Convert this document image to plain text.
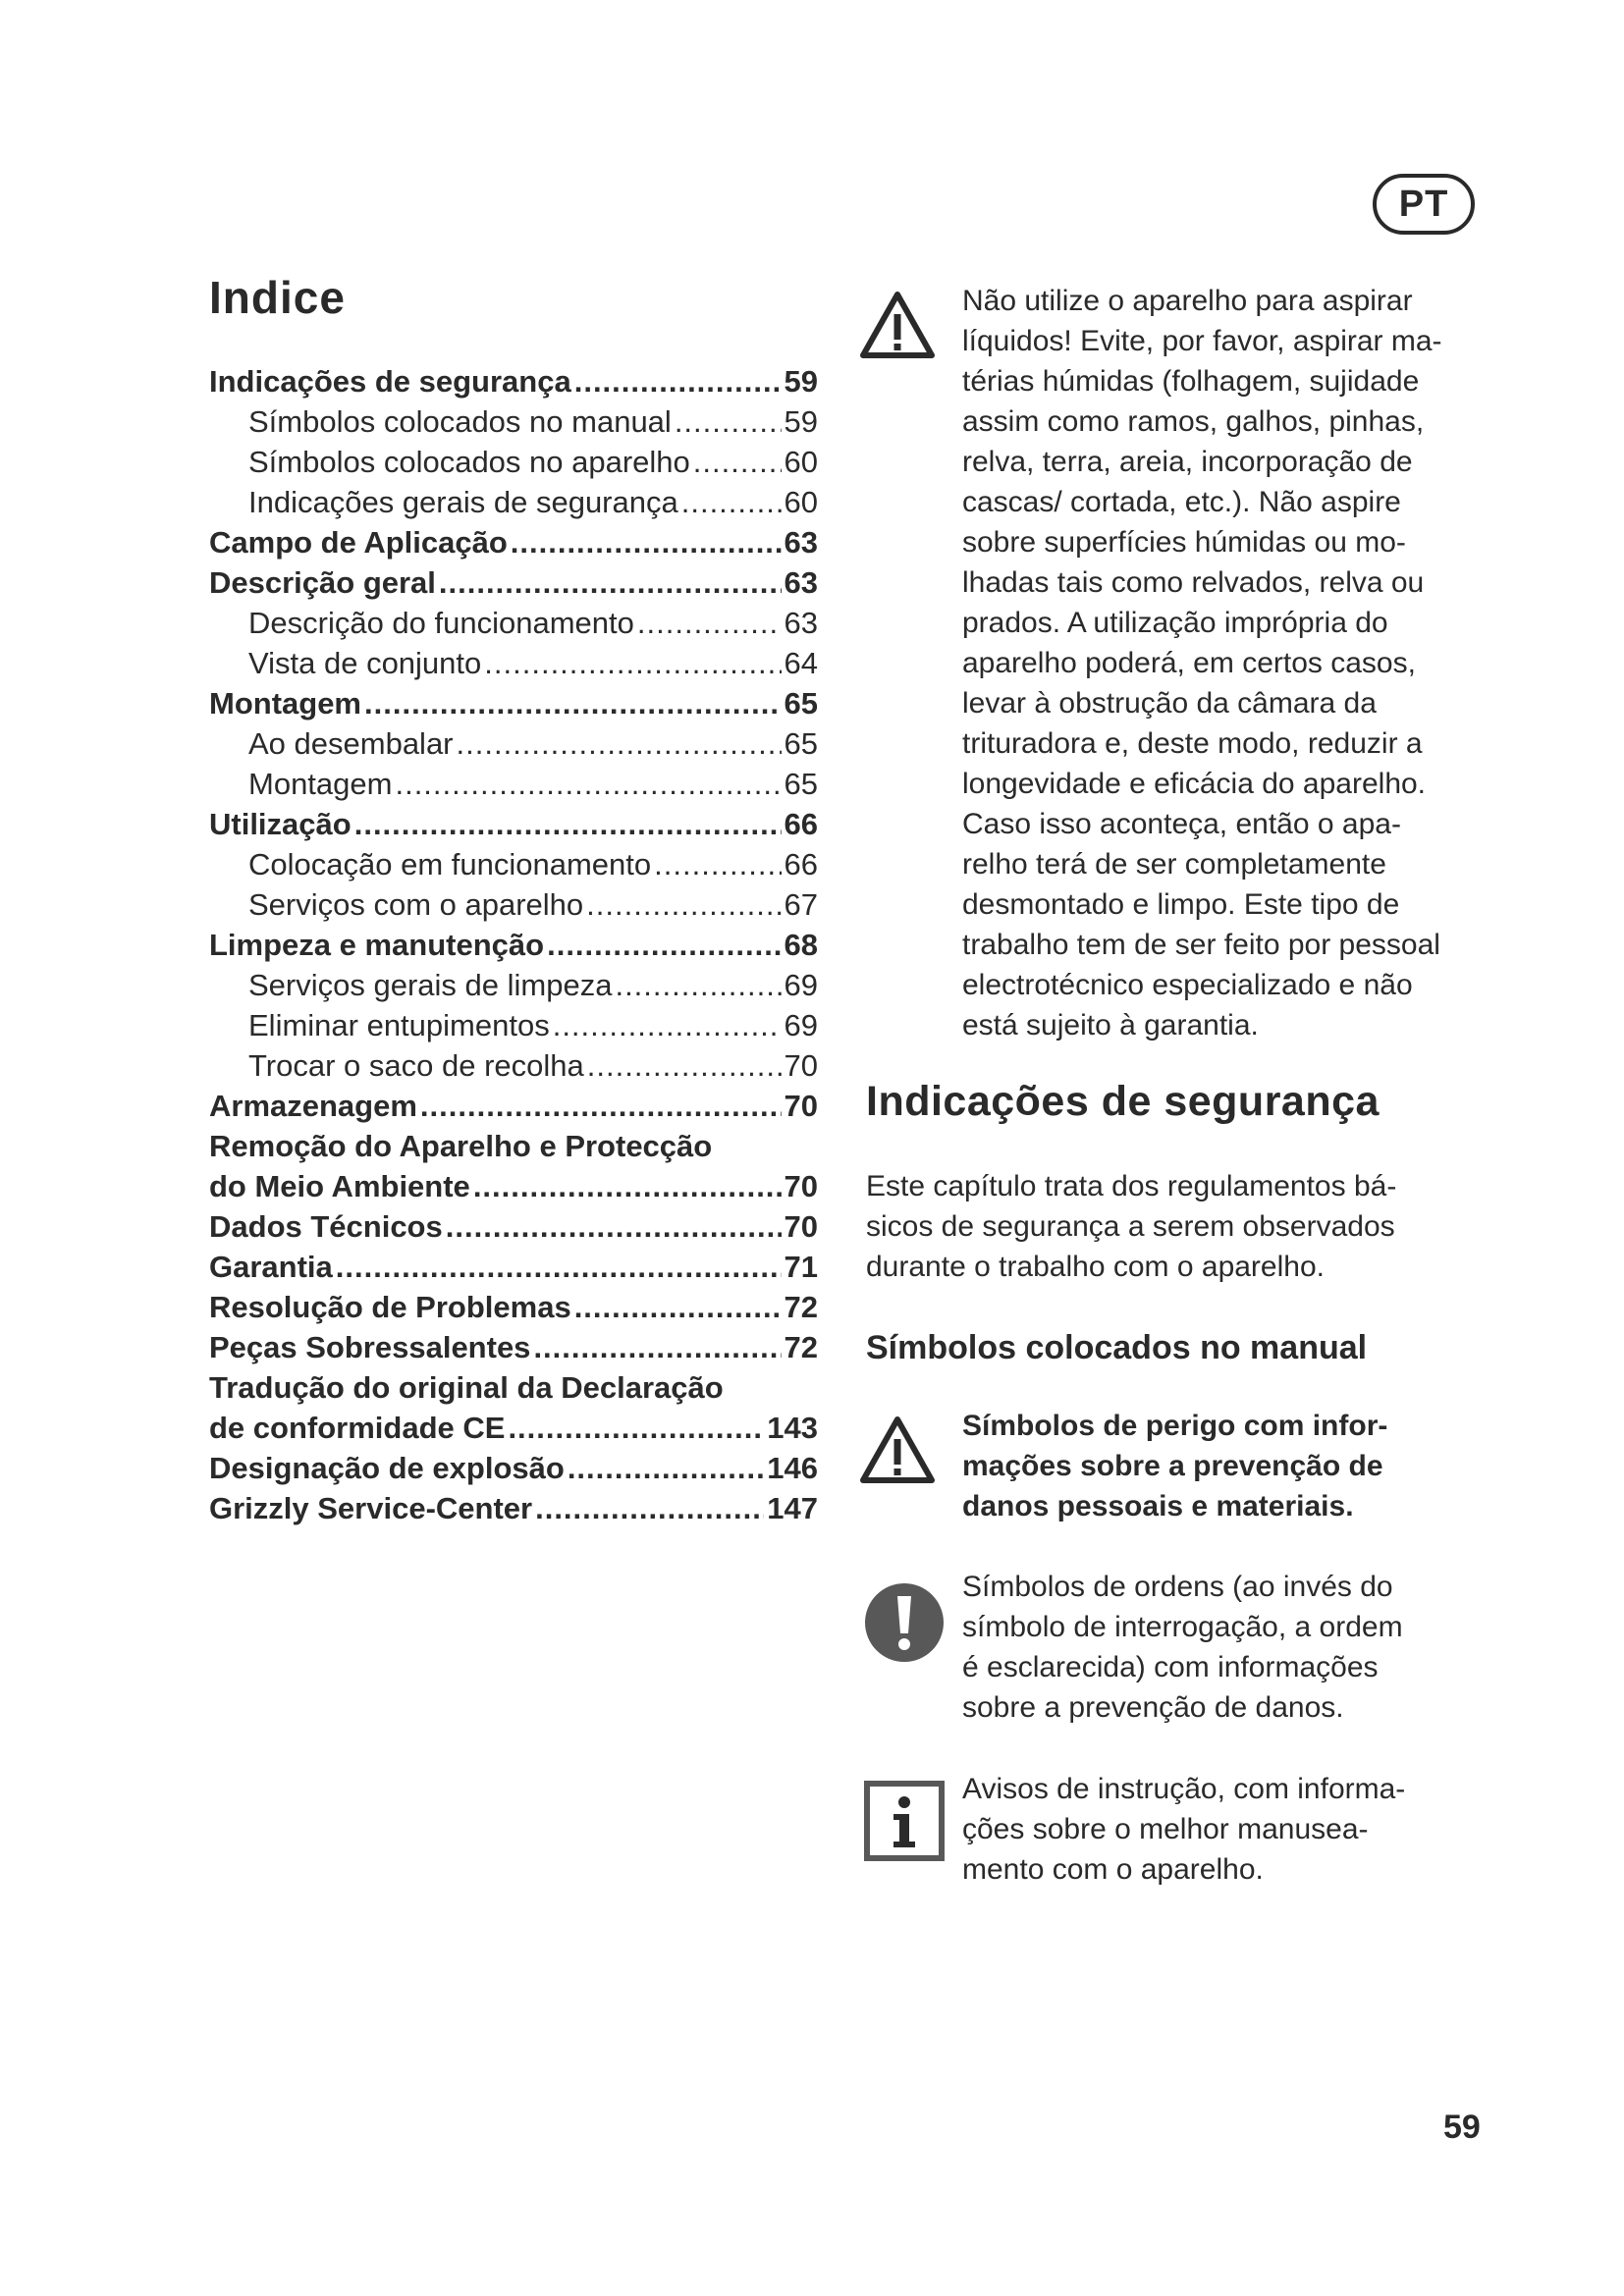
PT
Indice
Indicações de segurança .....	59
Símbolos colocados no manual .....	59
Símbolos colocados no aparelho .....	60
Indicações gerais de segurança .....	60
Campo de Aplicação .....	63
Descrição geral .....	63
Descrição do funcionamento .....	63
Vista de conjunto .....	64
Montagem .....	65
Ao desembalar .....	65
Montagem .....	65
Utilização .....	66
Colocação em funcionamento .....	66
Serviços com o aparelho .....	67
Limpeza e manutenção .....	68
Serviços gerais de limpeza .....	69
Eliminar entupimentos .....	69
Trocar o saco de recolha .....	70
Armazenagem .....	70
Remoção do Aparelho e Protecção
do Meio Ambiente .....	70
Dados Técnicos .....	70
Garantia .....	71
Resolução de Problemas .....	72
Peças Sobressalentes .....	72
Tradução do original da Declaração
de conformidade CE .....	143
Designação de explosão .....	146
Grizzly Service-Center .....	147

Não utilize o aparelho para aspirar
líquidos! Evite, por favor, aspirar ma-
térias húmidas (folhagem, sujidade
assim como ramos, galhos, pinhas,
relva, terra, areia, incorporação de
cascas/ cortada, etc.). Não aspire
sobre superfícies húmidas ou mo-
lhadas tais como relvados, relva ou
prados. A utilização imprópria do
aparelho poderá, em certos casos,
levar à obstrução da câmara da
trituradora e, deste modo, reduzir a
longevidade e eficácia do aparelho.
Caso isso aconteça, então o apa-
relho terá de ser completamente
desmontado e limpo. Este tipo de
trabalho tem de ser feito por pessoal
electrotécnico especializado e não
está sujeito à garantia.

Indicações de segurança

Este capítulo trata dos regulamentos bá-
sicos de segurança a serem observados
durante o trabalho com o aparelho.

Símbolos colocados no manual

Símbolos de perigo com infor-
mações sobre a prevenção de
danos pessoais e materiais.

Símbolos de ordens (ao invés do
símbolo de interrogação, a ordem
é esclarecida) com informações
sobre a prevenção de danos.

Avisos de instrução, com informa-
ções sobre o melhor manusea-
mento com o aparelho.

59
